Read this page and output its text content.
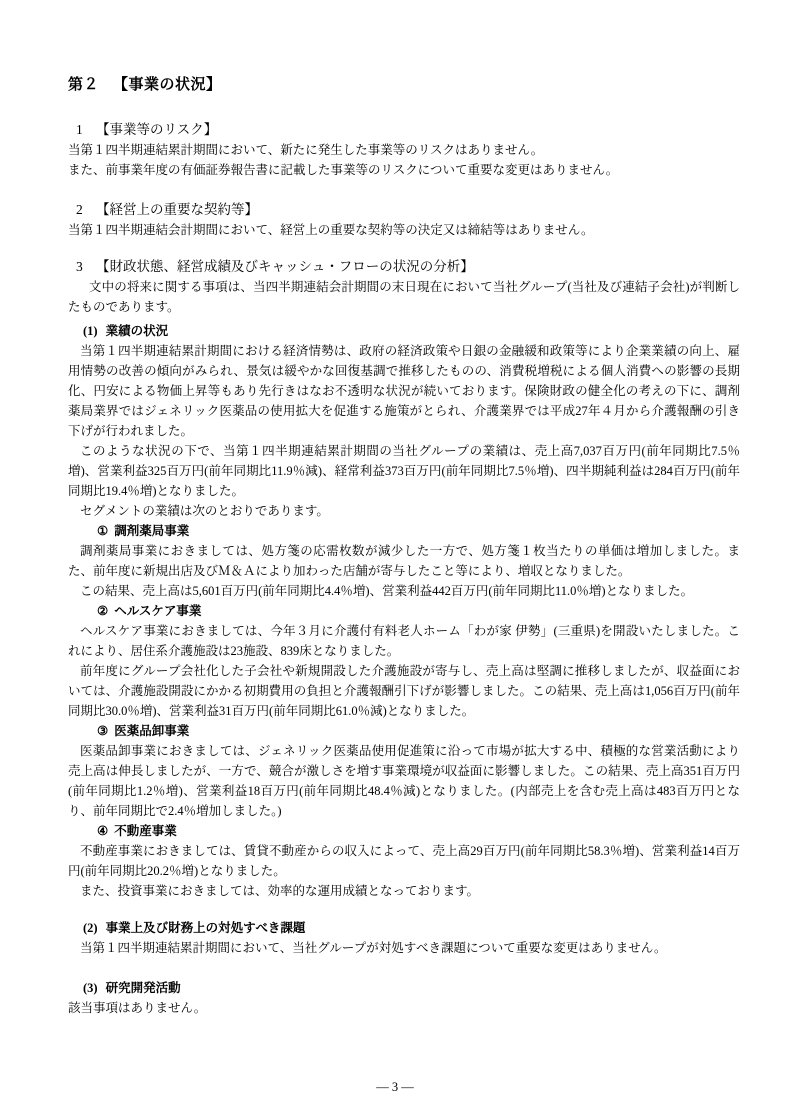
第２ 【事業の状況】
1 【事業等のリスク】

当第１四半期連結累計期間において、新たに発生した事業等のリスクはありません。

また、前事業年度の有価証券報告書に記載した事業等のリスクについて重要な変更はありません。

2 【経営上の重要な契約等】

当第１四半期連結会計期間において、経営上の重要な契約等の決定又は締結等はありません。

3 【財政状態、経営成績及びキャッシュ・フローの状況の分析】

文中の将来に関する事項は、当四半期連結会計期間の末日現在において当社グループ(当社及び連結子会社)が判断したものであります。

(1) 業績の状況

当第１四半期連結累計期間における経済情勢は、政府の経済政策や日銀の金融緩和政策等により企業業績の向上、雇用情勢の改善の傾向がみられ、景気は緩やかな回復基調で推移したものの、消費税増税による個人消費への影響の長期化、円安による物価上昇等もあり先行きはなお不透明な状況が続いております。保険財政の健全化の考えの下に、調剤薬局業界ではジェネリック医薬品の使用拡大を促進する施策がとられ、介護業界では平成27年４月から介護報酬の引き下げが行われました。

このような状況の下で、当第１四半期連結累計期間の当社グループの業績は、売上高7,037百万円(前年同期比7.5％増)、営業利益325百万円(前年同期比11.9％減)、経常利益373百万円(前年同期比7.5％増)、四半期純利益は284百万円(前年同期比19.4％増)となりました。

セグメントの業績は次のとおりであります。

① 調剤薬局事業

調剤薬局事業におきましては、処方箋の応需枚数が減少した一方で、処方箋１枚当たりの単価は増加しました。また、前年度に新規出店及びＭ＆Ａにより加わった店舗が寄与したこと等により、増収となりました。

この結果、売上高は5,601百万円(前年同期比4.4％増)、営業利益442百万円(前年同期比11.0％増)となりました。

② ヘルスケア事業

ヘルスケア事業におきましては、今年３月に介護付有料老人ホーム「わが家 伊勢」(三重県)を開設いたしました。これにより、居住系介護施設は23施設、839床となりました。

前年度にグループ会社化した子会社や新規開設した介護施設が寄与し、売上高は堅調に推移しましたが、収益面においては、介護施設開設にかかる初期費用の負担と介護報酬引下げが影響しました。この結果、売上高は1,056百万円(前年同期比30.0％増)、営業利益31百万円(前年同期比61.0％減)となりました。

③ 医薬品卸事業

医薬品卸事業におきましては、ジェネリック医薬品使用促進策に沿って市場が拡大する中、積極的な営業活動により売上高は伸長しましたが、一方で、競合が激しさを増す事業環境が収益面に影響しました。この結果、売上高351百万円(前年同期比1.2％増)、営業利益18百万円(前年同期比48.4％減)となりました。(内部売上を含む売上高は483百万円となり、前年同期比で2.4％増加しました。)

④ 不動産事業

不動産事業におきましては、賃貸不動産からの収入によって、売上高29百万円(前年同期比58.3％増)、営業利益14百万円(前年同期比20.2％増)となりました。

また、投資事業におきましては、効率的な運用成績となっております。

(2) 事業上及び財務上の対処すべき課題

当第１四半期連結累計期間において、当社グループが対処すべき課題について重要な変更はありません。

(3) 研究開発活動

該当事項はありません。

― 3 ―
